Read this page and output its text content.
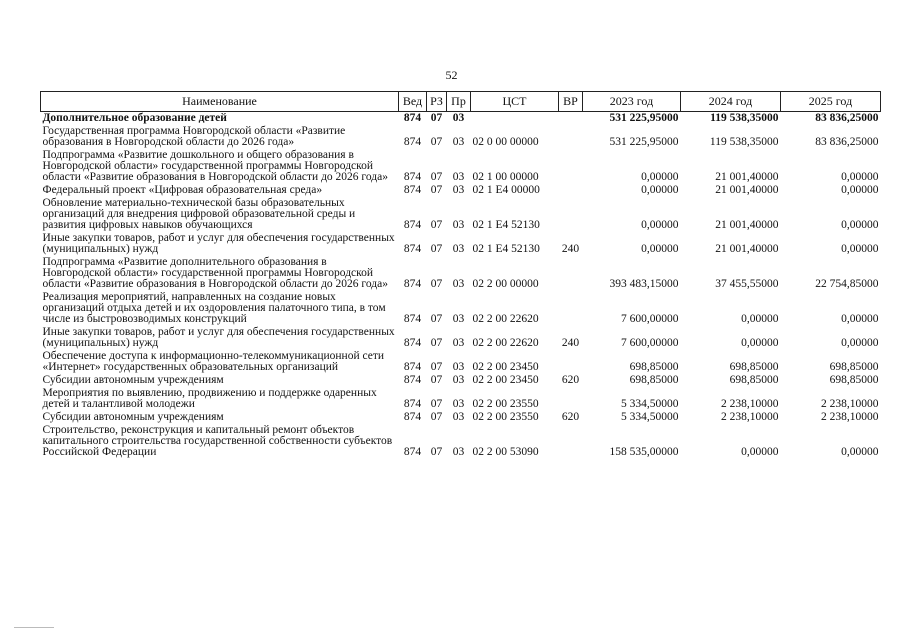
52
Наименование	Вед	РЗ	Пр	ЦСТ	ВР	2023 год	2024 год	2025 год
Дополнительное образование детей	874	07	03			531 225,95000	119 538,35000	83 836,25000
Государственная программа Новгородской области «Развитие образования в Новгородской области до 2026 года»	874	07	03	02 0 00 00000		531 225,95000	119 538,35000	83 836,25000
Подпрограмма «Развитие дошкольного и общего образования в Новгородской области» государственной программы Новгородской области «Развитие образования в Новгородской области до 2026 года»	874	07	03	02 1 00 00000		0,00000	21 001,40000	0,00000
Федеральный проект «Цифровая образовательная среда»	874	07	03	02 1 E4 00000		0,00000	21 001,40000	0,00000
Обновление материально-технической базы образовательных организаций для внедрения цифровой образовательной среды и развития цифровых навыков обучающихся	874	07	03	02 1 E4 52130		0,00000	21 001,40000	0,00000
Иные закупки товаров, работ и услуг для обеспечения государственных (муниципальных) нужд	874	07	03	02 1 E4 52130	240	0,00000	21 001,40000	0,00000
Подпрограмма «Развитие дополнительного образования в Новгородской области» государственной программы Новгородской области «Развитие образования в Новгородской области до 2026 года»	874	07	03	02 2 00 00000		393 483,15000	37 455,55000	22 754,85000
Реализация мероприятий, направленных на создание новых организаций отдыха детей и их оздоровления палаточного типа, в том числе из быстровозводимых конструкций	874	07	03	02 2 00 22620		7 600,00000	0,00000	0,00000
Иные закупки товаров, работ и услуг для обеспечения государственных (муниципальных) нужд	874	07	03	02 2 00 22620	240	7 600,00000	0,00000	0,00000
Обеспечение доступа к информационно-телекоммуникационной сети «Интернет» государственных образовательных организаций	874	07	03	02 2 00 23450		698,85000	698,85000	698,85000
Субсидии автономным учреждениям	874	07	03	02 2 00 23450	620	698,85000	698,85000	698,85000
Мероприятия по выявлению, продвижению и поддержке одаренных детей и талантливой молодежи	874	07	03	02 2 00 23550		5 334,50000	2 238,10000	2 238,10000
Субсидии автономным учреждениям	874	07	03	02 2 00 23550	620	5 334,50000	2 238,10000	2 238,10000
Строительство, реконструкция и капитальный ремонт объектов капитального строительства государственной собственности субъектов Российской Федерации	874	07	03	02 2 00 53090		158 535,00000	0,00000	0,00000
